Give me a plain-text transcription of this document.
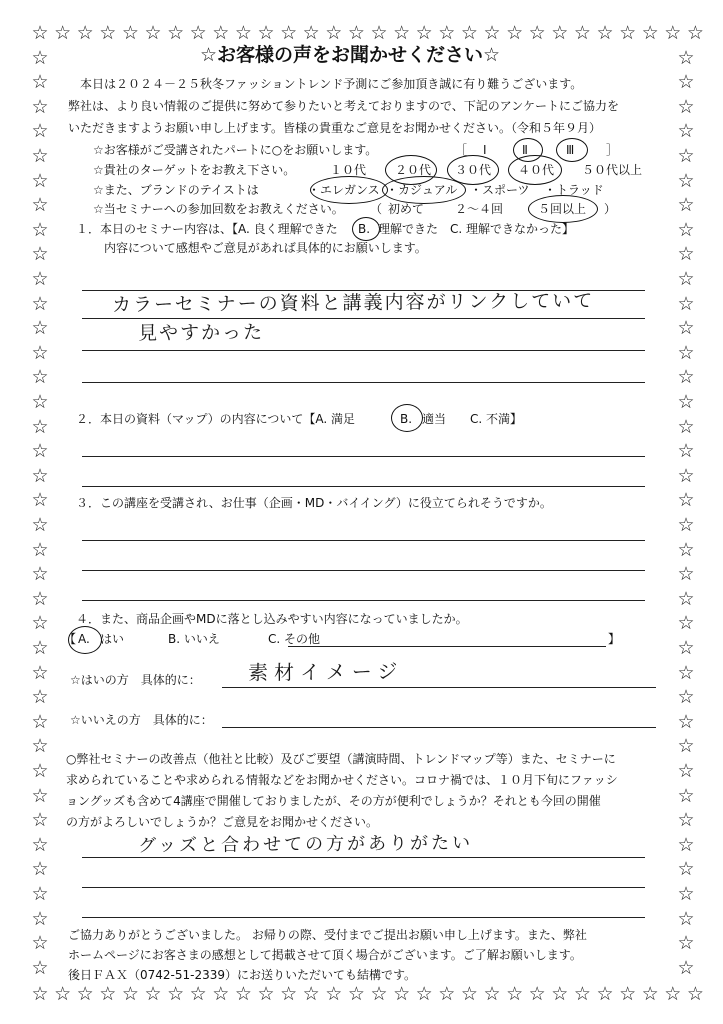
☆
☆
☆
☆
☆
☆
☆
☆
☆
☆
☆
☆
☆
☆
☆
☆
☆
☆
☆
☆
☆
☆
☆
☆
☆
☆
☆
☆
☆
☆
☆
☆
☆
☆
☆
☆
☆
☆
☆
☆
☆
☆
☆
☆
☆
☆
☆
☆
☆
☆
☆
☆
☆
☆
☆
☆
☆
☆
☆
☆
☆	☆
☆	☆
☆	☆
☆	☆
☆	☆
☆	☆
☆	☆
☆	☆
☆	☆
☆	☆
☆	☆
☆	☆
☆	☆
☆	☆
☆	☆
☆	☆
☆	☆
☆	☆
☆	☆
☆	☆
☆	☆
☆	☆
☆	☆
☆	☆
☆	☆
☆	☆
☆	☆
☆	☆
☆	☆
☆	☆
☆	☆
☆	☆
☆	☆
☆	☆
☆	☆
☆	☆
☆	☆
☆	☆
☆お客様の声をお聞かせください☆
本日は２０２４－２５秋冬ファッショントレンド予測にご参加頂き誠に有り難うございます。
弊社は、より良い情報のご提供に努めて参りたいと考えておりますので、下記のアンケートにご協力を
いただきますようお願い申し上げます。皆様の貴重なご意見をお聞かせください。（令和５年９月）
☆お客様がご受講されたパートに○をお願いします。	［ Ⅰ	Ⅱ	Ⅲ	］
☆貴社のターゲットをお教え下さい。	１０代 ２０代 ３０代 ４０代 ５０代以上
☆また、ブランドのテイストは	・エレガンス ・カジュアル ・スポーツ ・トラッド
☆当セミナーへの参加回数をお教えください。 （ 初めて	２～４回	５回以上 ）
１．本日のセミナー内容は、【A. 良く理解できた B. 理解できた　C. 理解できなかった】
内容について感想やご意見があれば具体的にお願いします。
カラーセミナーの資料と講義内容がリンクしていて
見やすかった
２．本日の資料（マップ）の内容について【A. 満足	B. 適当　　C. 不満】
３．この講座を受講され、お仕事（企画・MD・バイイング）に役立てられそうですか。
４．また、商品企画やMDに落とし込みやすい内容になっていましたか。
【 A. はい	B. いいえ	C. その他	】
☆はいの方　具体的に： 素材イメージ
☆いいえの方　具体的に：
○弊社セミナーの改善点（他社と比較）及びご要望（講演時間、トレンドマップ等）また、セミナーに
求められていることや求められる情報などをお聞かせください。コロナ禍では、１０月下旬にファッシ
ョングッズも含めて4講座で開催しておりましたが、その方が便利でしょうか？それとも今回の開催
の方がよろしいでしょうか？ご意見をお聞かせください。
グッズと合わせての方がありがたい
ご協力ありがとうございました。 お帰りの際、受付までご提出お願い申し上げます。また、弊社
ホームページにお客さまの感想として掲載させて頂く場合がございます。ご了解お願いします。
後日ＦＡＸ（0742-51-2339）にお送りいただいても結構です。
